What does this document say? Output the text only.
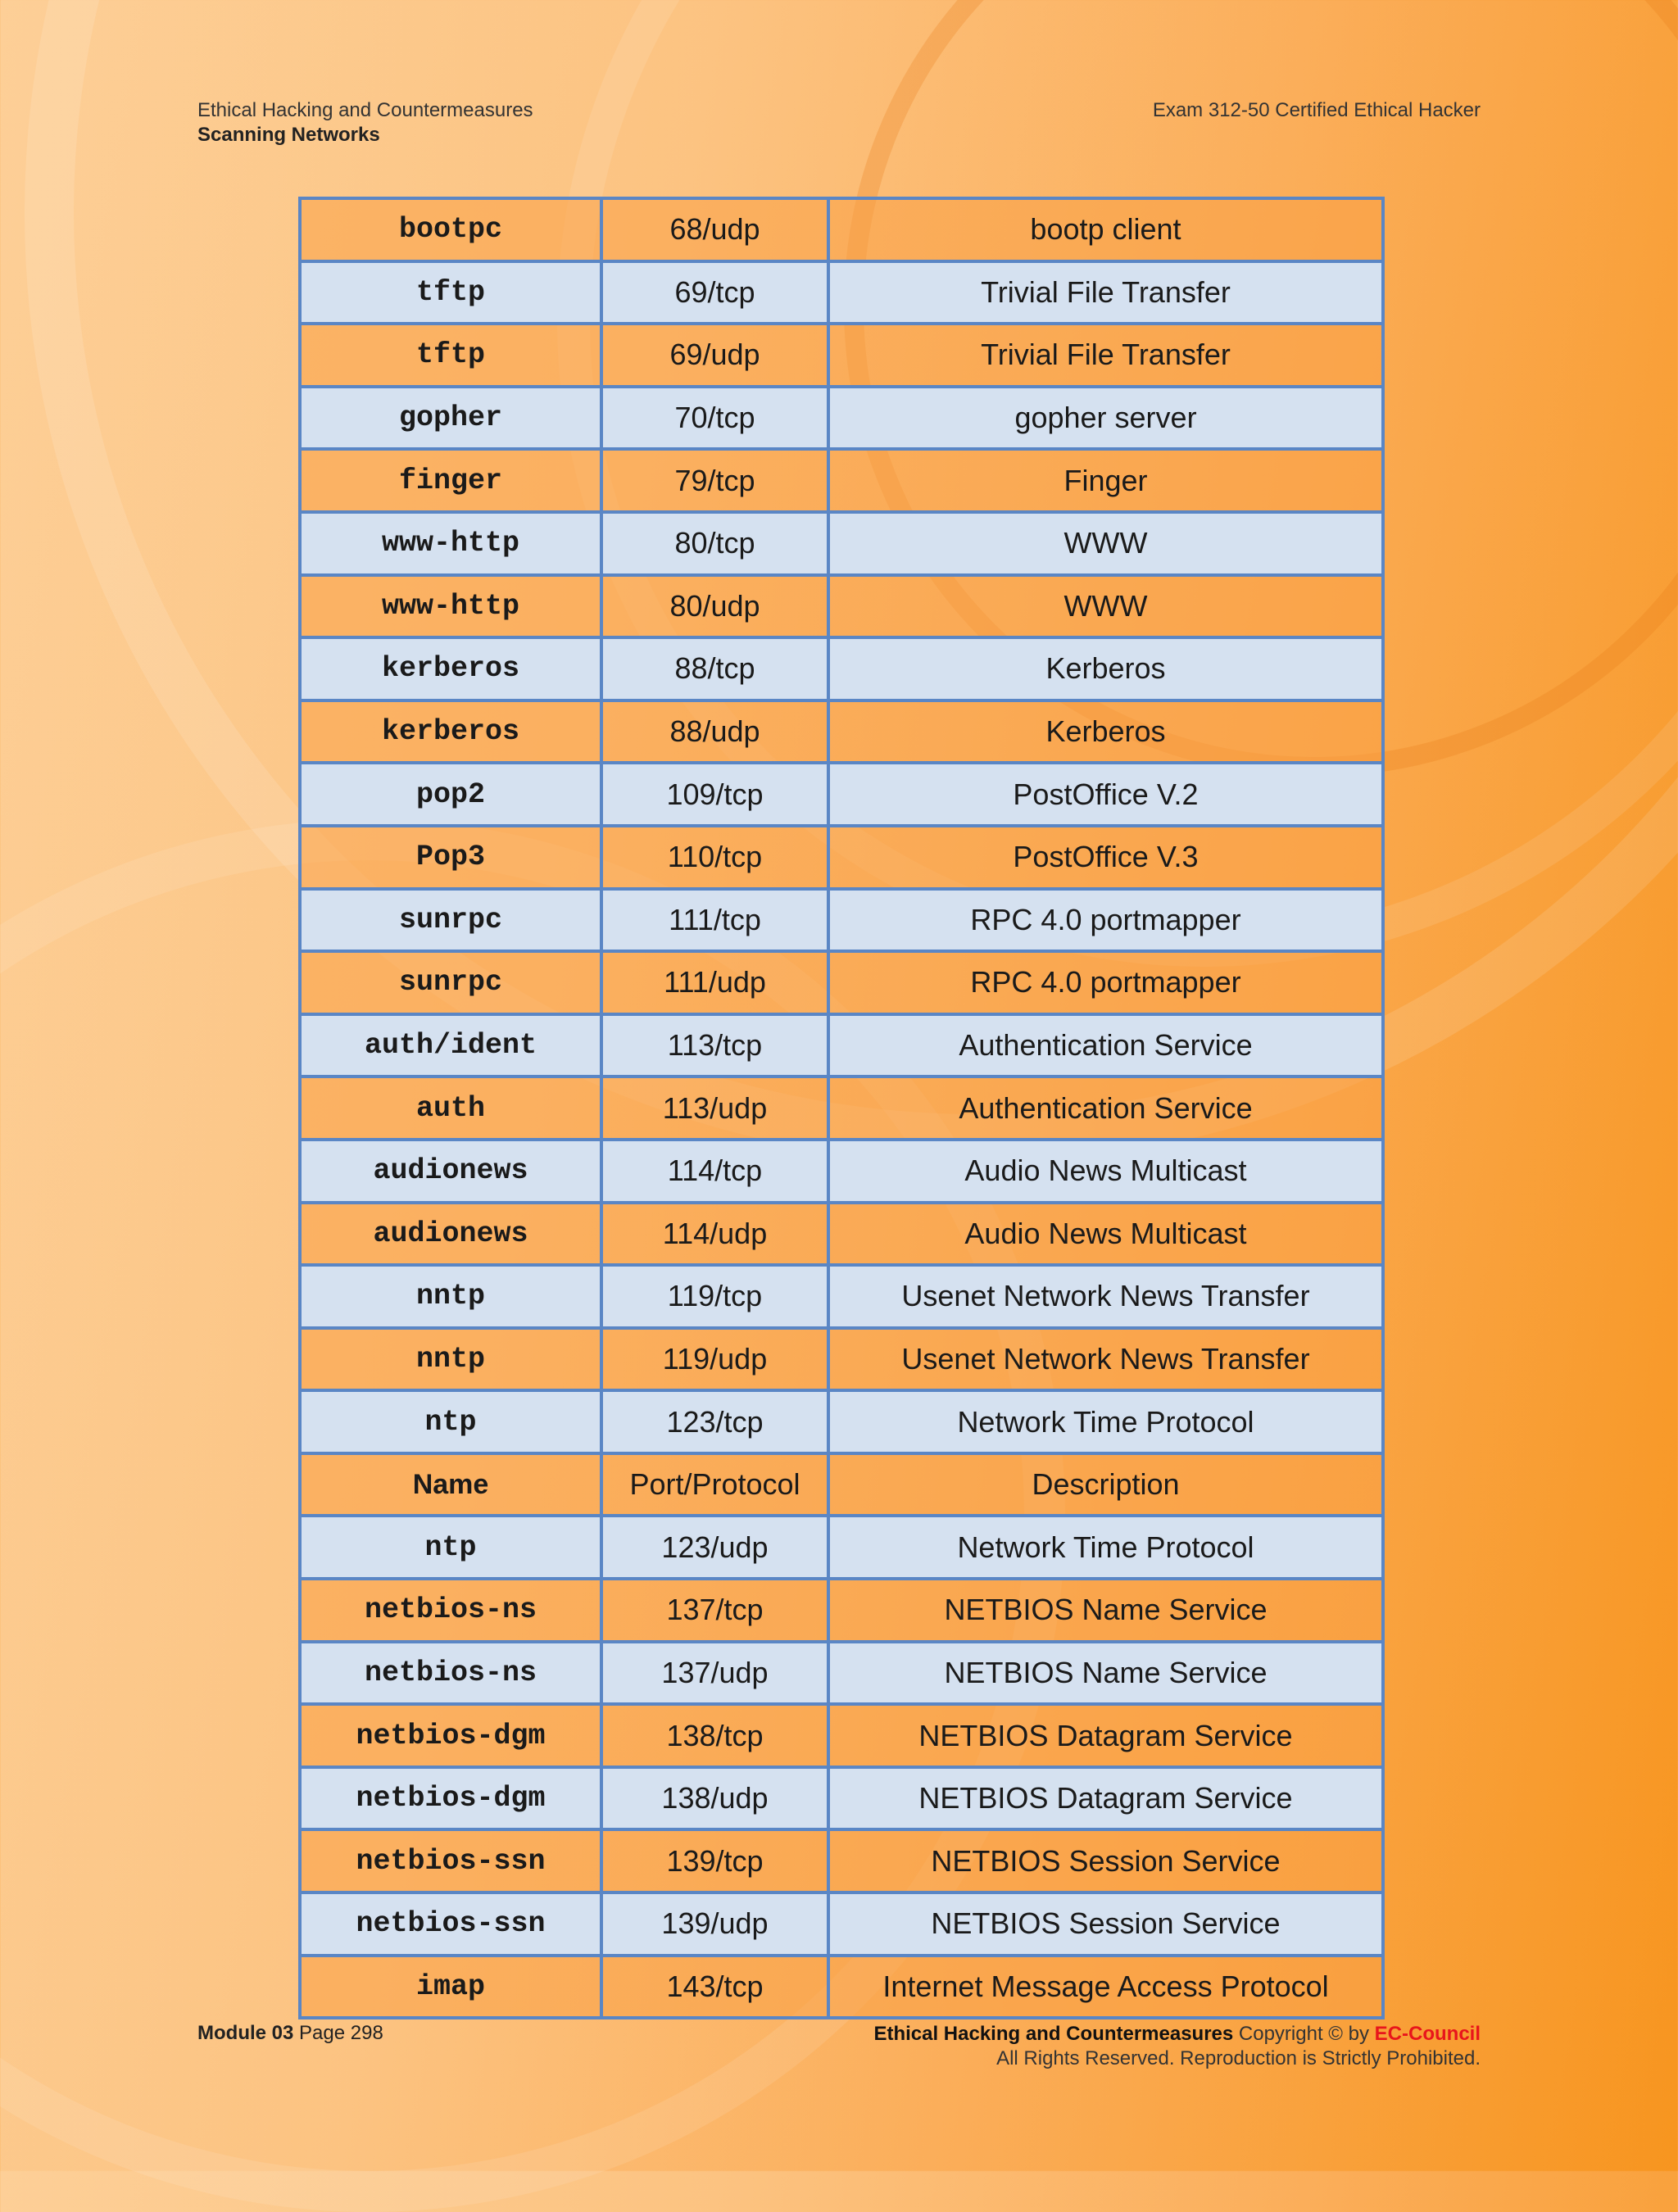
Ethical Hacking and Countermeasures
Scanning Networks
Exam 312-50 Certified Ethical Hacker
bootpc	68/udp	bootp client
tftp	69/tcp	Trivial File Transfer
tftp	69/udp	Trivial File Transfer
gopher	70/tcp	gopher server
finger	79/tcp	Finger
www-http	80/tcp	WWW
www-http	80/udp	WWW
kerberos	88/tcp	Kerberos
kerberos	88/udp	Kerberos
pop2	109/tcp	PostOffice V.2
Pop3	110/tcp	PostOffice V.3
sunrpc	111/tcp	RPC 4.0 portmapper
sunrpc	111/udp	RPC 4.0 portmapper
auth/ident	113/tcp	Authentication Service
auth	113/udp	Authentication Service
audionews	114/tcp	Audio News Multicast
audionews	114/udp	Audio News Multicast
nntp	119/tcp	Usenet Network News Transfer
nntp	119/udp	Usenet Network News Transfer
ntp	123/tcp	Network Time Protocol
Name	Port/Protocol	Description
ntp	123/udp	Network Time Protocol
netbios-ns	137/tcp	NETBIOS Name Service
netbios-ns	137/udp	NETBIOS Name Service
netbios-dgm	138/tcp	NETBIOS Datagram Service
netbios-dgm	138/udp	NETBIOS Datagram Service
netbios-ssn	139/tcp	NETBIOS Session Service
netbios-ssn	139/udp	NETBIOS Session Service
imap	143/tcp	Internet Message Access Protocol
Module 03 Page 298	Ethical Hacking and Countermeasures Copyright © by EC-Council
All Rights Reserved. Reproduction is Strictly Prohibited.
